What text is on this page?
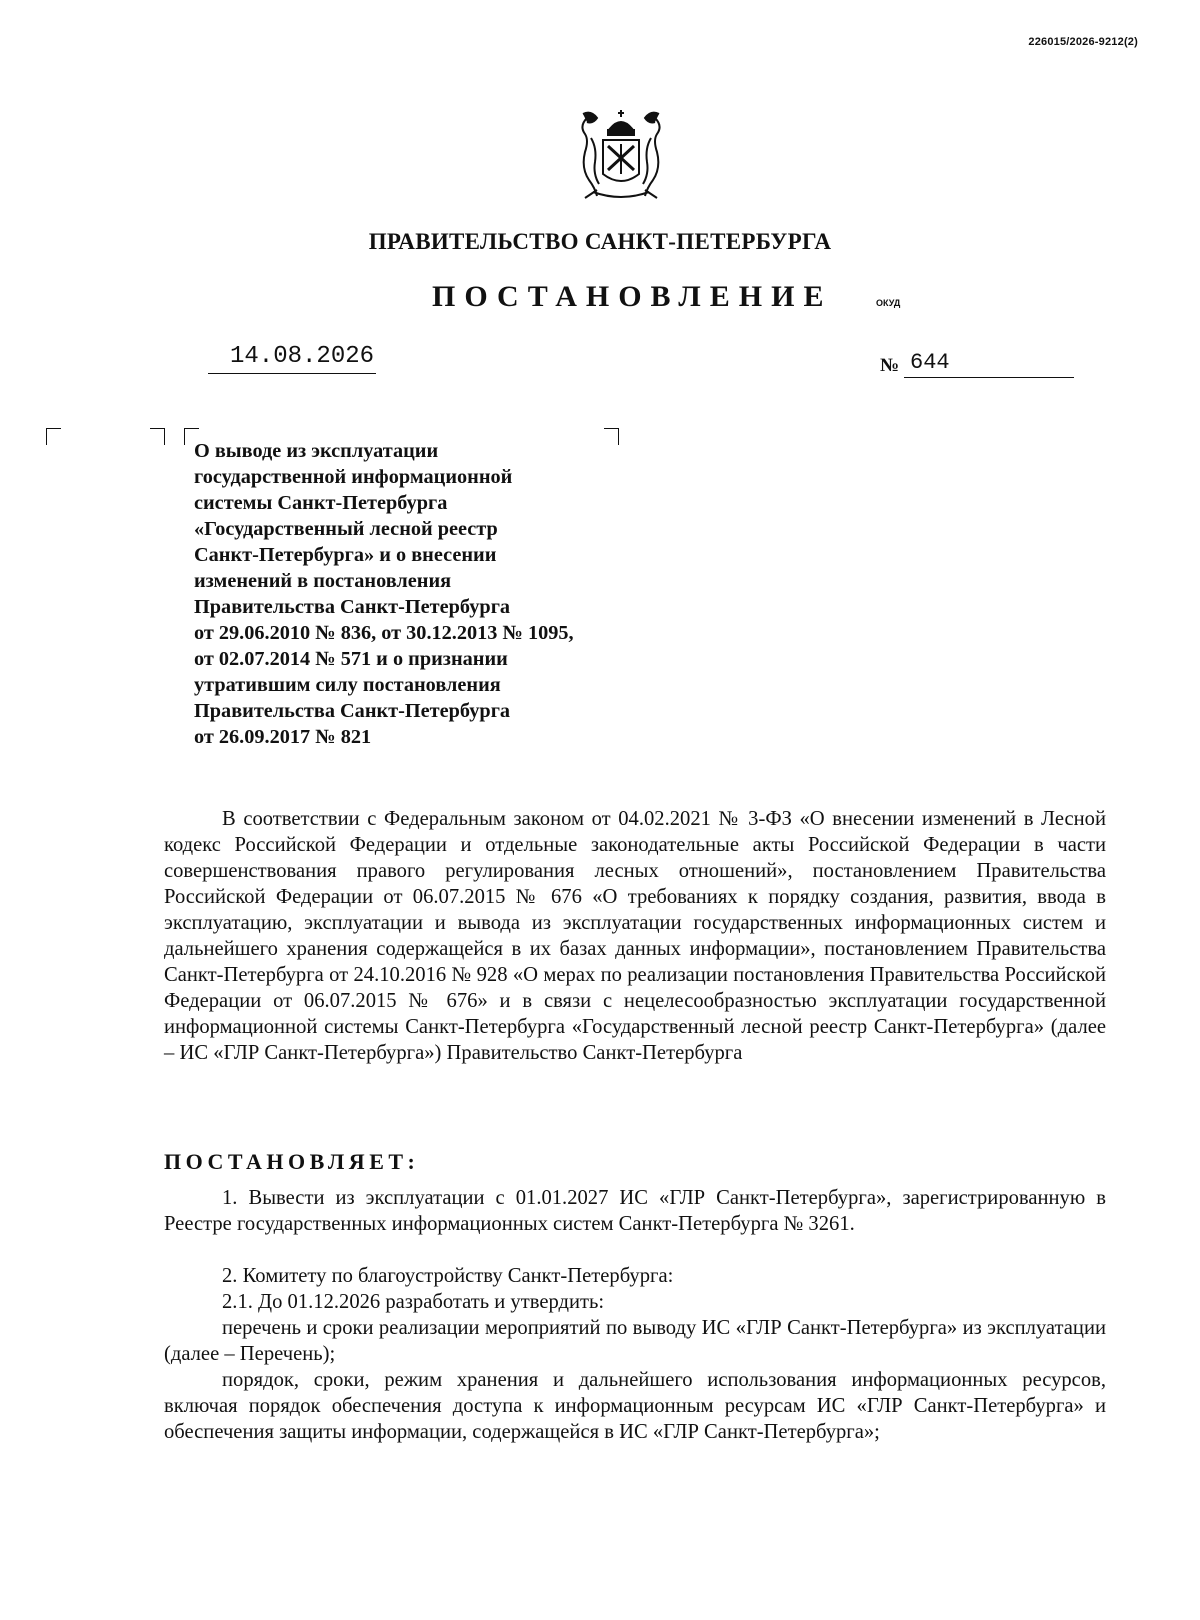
226015/2026-9212(2)
ПРАВИТЕЛЬСТВО САНКТ-ПЕТЕРБУРГА
ПОСТАНОВЛЕНИЕ	ОКУД
14.08.2026	№ 644
О выводе из эксплуатации
государственной информационной
системы Санкт-Петербурга
«Государственный лесной реестр
Санкт-Петербурга» и о внесении
изменений в постановления
Правительства Санкт-Петербурга
от 29.06.2010 № 836, от 30.12.2013 № 1095,
от 02.07.2014 № 571 и о признании
утратившим силу постановления
Правительства Санкт-Петербурга
от 26.09.2017 № 821
В соответствии с Федеральным законом от 04.02.2021 № 3-ФЗ «О внесении изменений в Лесной кодекс Российской Федерации и отдельные законодательные акты Российской Федерации в части совершенствования правого регулирования лесных отношений», постановлением Правительства Российской Федерации от 06.07.2015 № 676 «О требованиях к порядку создания, развития, ввода в эксплуатацию, эксплуатации и вывода из эксплуатации государственных информационных систем и дальнейшего хранения содержащейся в их базах данных информации», постановлением Правительства Санкт-Петербурга от 24.10.2016 № 928 «О мерах по реализации постановления Правительства Российской Федерации от 06.07.2015 № 676» и в связи с нецелесообразностью эксплуатации государственной информационной системы Санкт-Петербурга «Государственный лесной реестр Санкт-Петербурга» (далее – ИС «ГЛР Санкт-Петербурга») Правительство Санкт-Петербурга
ПОСТАНОВЛЯЕТ:
1. Вывести из эксплуатации с 01.01.2027 ИС «ГЛР Санкт-Петербурга», зарегистрированную в Реестре государственных информационных систем Санкт-Петербурга № 3261.
2. Комитету по благоустройству Санкт-Петербурга:
2.1. До 01.12.2026 разработать и утвердить:
перечень и сроки реализации мероприятий по выводу ИС «ГЛР Санкт-Петербурга» из эксплуатации (далее – Перечень);
порядок, сроки, режим хранения и дальнейшего использования информационных ресурсов, включая порядок обеспечения доступа к информационным ресурсам ИС «ГЛР Санкт-Петербурга» и обеспечения защиты информации, содержащейся в ИС «ГЛР Санкт-Петербурга»;
